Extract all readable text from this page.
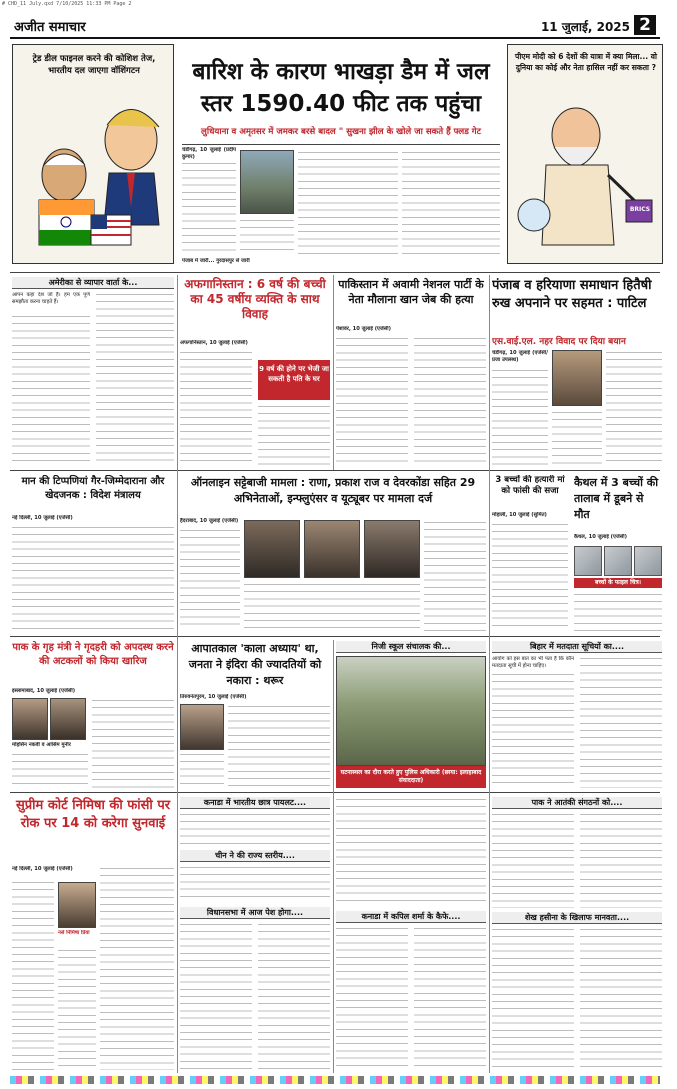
# CHD_11 July.qxd 7/10/2025 11:33 PM Page 2
अजीत समाचार	11 जुलाई, 2025 2
ट्रेड डील फाइनल करने की कोशिश तेज, भारतीय दल जाएगा वॉशिंगटन	बारिश के कारण भाखड़ा डैम में जल स्तर 1590.40 फीट तक पहुंचा
लुधियाना व अमृतसर में जमकर बरसे बादल " सुखना झील के खोले जा सकते हैं फ्लड गेट
चंडीगढ़, 10 जुलाई (प्रदीप कुमार)
पंजाब में जारी... गुरदासपुर से जारी
पीएम मोदी को 6 देशों की यात्रा में क्या मिला... वो दुनिया का कोई और नेता हासिल नहीं कर सकता ?
BRICS
अमेरीका से व्यापार वार्ता के...
आपन कहा देश जो है। हम एक पूर्ण समझौता करना चाहते हैं।
अफगानिस्तान : 6 वर्ष की बच्ची का 45 वर्षीय व्यक्ति के साथ विवाह
अफगानिस्तान, 10 जुलाई (एजेंसी)
9 वर्ष की होने पर भेजी जा सकती है पति के घर
पाकिस्तान में अवामी नेशनल पार्टी के नेता मौलाना खान जेब की हत्या
पेशावर, 10 जुलाई (एजेंसी)
पंजाब व हरियाणा समाधान हितैषी रुख अपनाने पर सहमत : पाटिल
एस.वाई.एल. नहर विवाद पर दिया बयान
चंडीगढ़, 10 जुलाई (एजेंसी/प्रजा उपलब्ध)
मान की टिप्पणियां गैर-जिम्मेदाराना और खेदजनक : विदेश मंत्रालय
नई दिल्ली, 10 जुलाई (एजेंसी)
ऑनलाइन सट्टेबाजी मामला : राणा, प्रकाश राज व देवरकोंडा सहित 29 अभिनेताओं, इन्फ्लुएंसर व यूट्यूबर पर मामला दर्ज
हैदराबाद, 10 जुलाई (एजेंसी)
3 बच्चों की हत्यारी मां को फांसी की सजा
मोहाली, 10 जुलाई (सुमित)
कैथल में 3 बच्चों की तालाब में डूबने से मौत
कैथल, 10 जुलाई (एजेंसी)
बच्चों के फाइल चित्र।
पाक के गृह मंत्री ने गृदहरी को अपदस्थ करने की अटकलों को किया खारिज
इस्लामाबाद, 10 जुलाई (एजेंसी)
मोहसिन नकवी व आसिम मुनीर
आपातकाल 'काला अध्याय' था, जनता ने इंदिरा की ज्यादतियों को नकारा : थरूर
तिरुवनंतपुरम, 10 जुलाई (एजेंसी)
निजी स्कूल संचालक की...
घटनास्थल का दौरा करते हुए पुलिस अधिकारी (छाया: इलाहाबाद संवाददाता)
बिहार में मतदाता सूचियों का....
आयोग को इस बात का भी पता है कि कौन मतदाता सूची में होना चाहिए।
सुप्रीम कोर्ट निमिषा की फांसी पर रोक पर 14 को करेगा सुनवाई
नई दिल्ली, 10 जुलाई (एजेंसी)
नर्स निमिषा प्रिया
कनाडा में भारतीय छात्र पायलट....
चीन ने की राज्य स्तरीय....
विधानसभा में आज पेश होगा....	कनाडा में कपिल शर्मा के कैफे....
पाक ने आतंकी संगठनों को....
शेख हसीना के खिलाफ मानवता....
